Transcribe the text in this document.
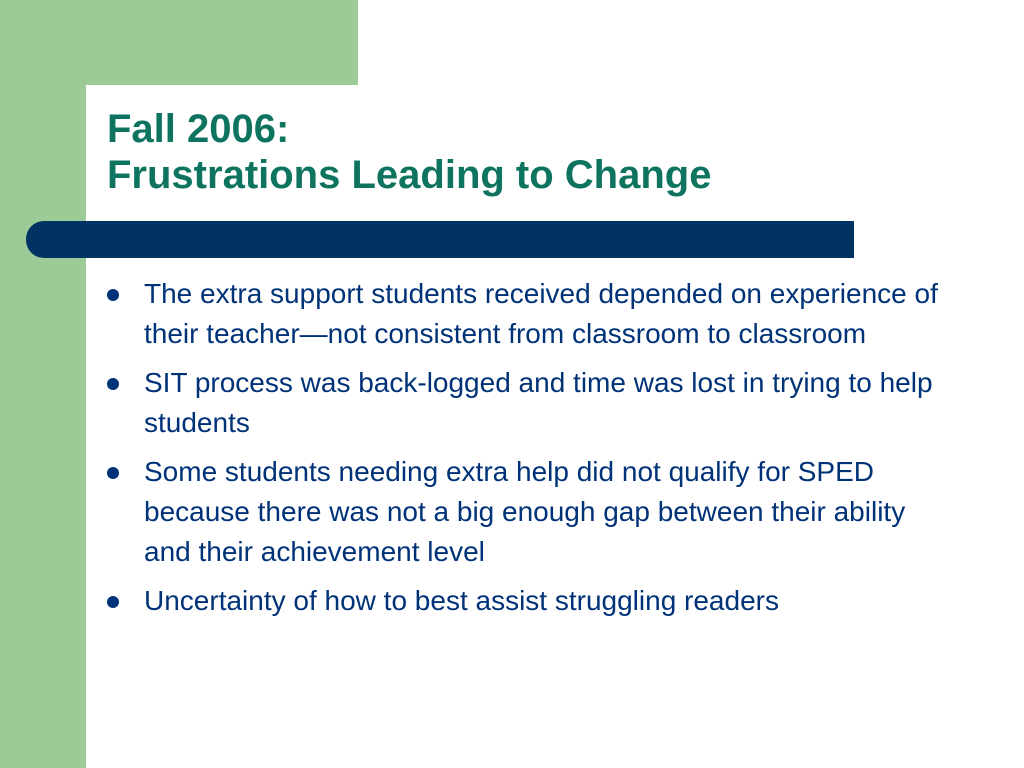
Fall 2006:
Frustrations Leading to Change
The extra support students received depended on experience of their teacher—not consistent from classroom to classroom
SIT process was back-logged and time was lost in trying to help students
Some students needing extra help did not qualify for SPED because there was not a big enough gap between their ability and their achievement level
Uncertainty of how to best assist struggling readers
